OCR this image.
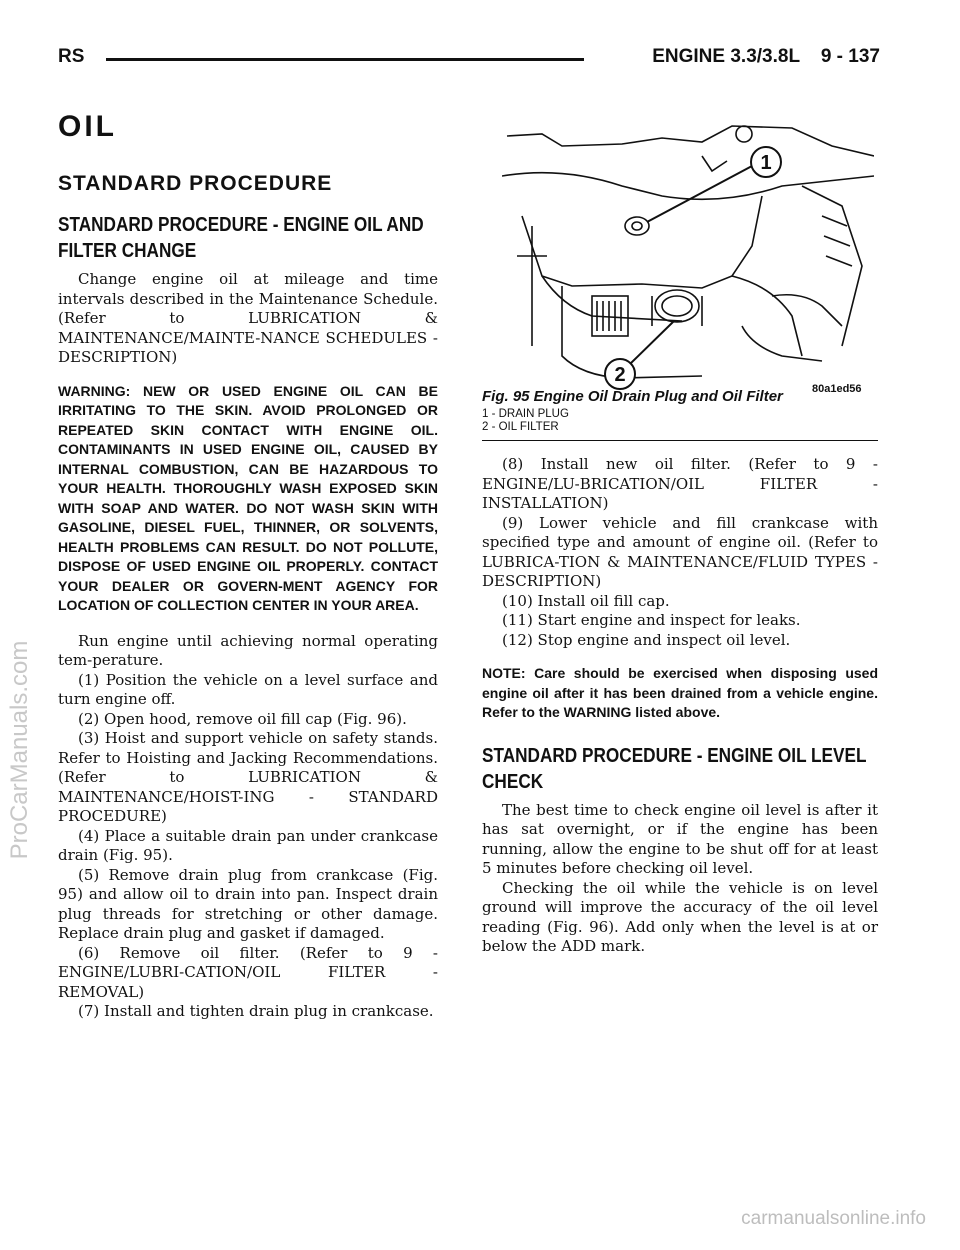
RS	ENGINE 3.3/3.8L    9 - 137
OIL
STANDARD PROCEDURE
STANDARD PROCEDURE - ENGINE OIL AND FILTER CHANGE

Change engine oil at mileage and time intervals described in the Maintenance Schedule. (Refer to LUBRICATION & MAINTENANCE/MAINTE-NANCE SCHEDULES - DESCRIPTION)

WARNING: NEW OR USED ENGINE OIL CAN BE IRRITATING TO THE SKIN. AVOID PROLONGED OR REPEATED SKIN CONTACT WITH ENGINE OIL. CONTAMINANTS IN USED ENGINE OIL, CAUSED BY INTERNAL COMBUSTION, CAN BE HAZARDOUS TO YOUR HEALTH. THOROUGHLY WASH EXPOSED SKIN WITH SOAP AND WATER. DO NOT WASH SKIN WITH GASOLINE, DIESEL FUEL, THINNER, OR SOLVENTS, HEALTH PROBLEMS CAN RESULT. DO NOT POLLUTE, DISPOSE OF USED ENGINE OIL PROPERLY. CONTACT YOUR DEALER OR GOVERN-MENT AGENCY FOR LOCATION OF COLLECTION CENTER IN YOUR AREA.

Run engine until achieving normal operating tem-perature.

(1) Position the vehicle on a level surface and turn engine off.

(2) Open hood, remove oil fill cap (Fig. 96).

(3) Hoist and support vehicle on safety stands. Refer to Hoisting and Jacking Recommendations. (Refer to LUBRICATION & MAINTENANCE/HOIST-ING - STANDARD PROCEDURE)

(4) Place a suitable drain pan under crankcase drain (Fig. 95).

(5) Remove drain plug from crankcase (Fig. 95) and allow oil to drain into pan. Inspect drain plug threads for stretching or other damage. Replace drain plug and gasket if damaged.

(6) Remove oil filter. (Refer to 9 - ENGINE/LUBRI-CATION/OIL FILTER - REMOVAL)

(7) Install and tighten drain plug in crankcase.

1
2
80a1ed56
Fig. 95 Engine Oil Drain Plug and Oil Filter
1 - DRAIN PLUG
2 - OIL FILTER

(8) Install new oil filter. (Refer to 9 - ENGINE/LU-BRICATION/OIL FILTER - INSTALLATION)

(9) Lower vehicle and fill crankcase with specified type and amount of engine oil. (Refer to LUBRICA-TION & MAINTENANCE/FLUID TYPES - DESCRIPTION)

(10) Install oil fill cap.

(11) Start engine and inspect for leaks.

(12) Stop engine and inspect oil level.

NOTE: Care should be exercised when disposing used engine oil after it has been drained from a vehicle engine. Refer to the WARNING listed above.
STANDARD PROCEDURE - ENGINE OIL LEVEL CHECK

The best time to check engine oil level is after it has sat overnight, or if the engine has been running, allow the engine to be shut off for at least 5 minutes before checking oil level.

Checking the oil while the vehicle is on level ground will improve the accuracy of the oil level reading (Fig. 96). Add only when the level is at or below the ADD mark.

ProCarManuals.com
carmanualsonline.info
